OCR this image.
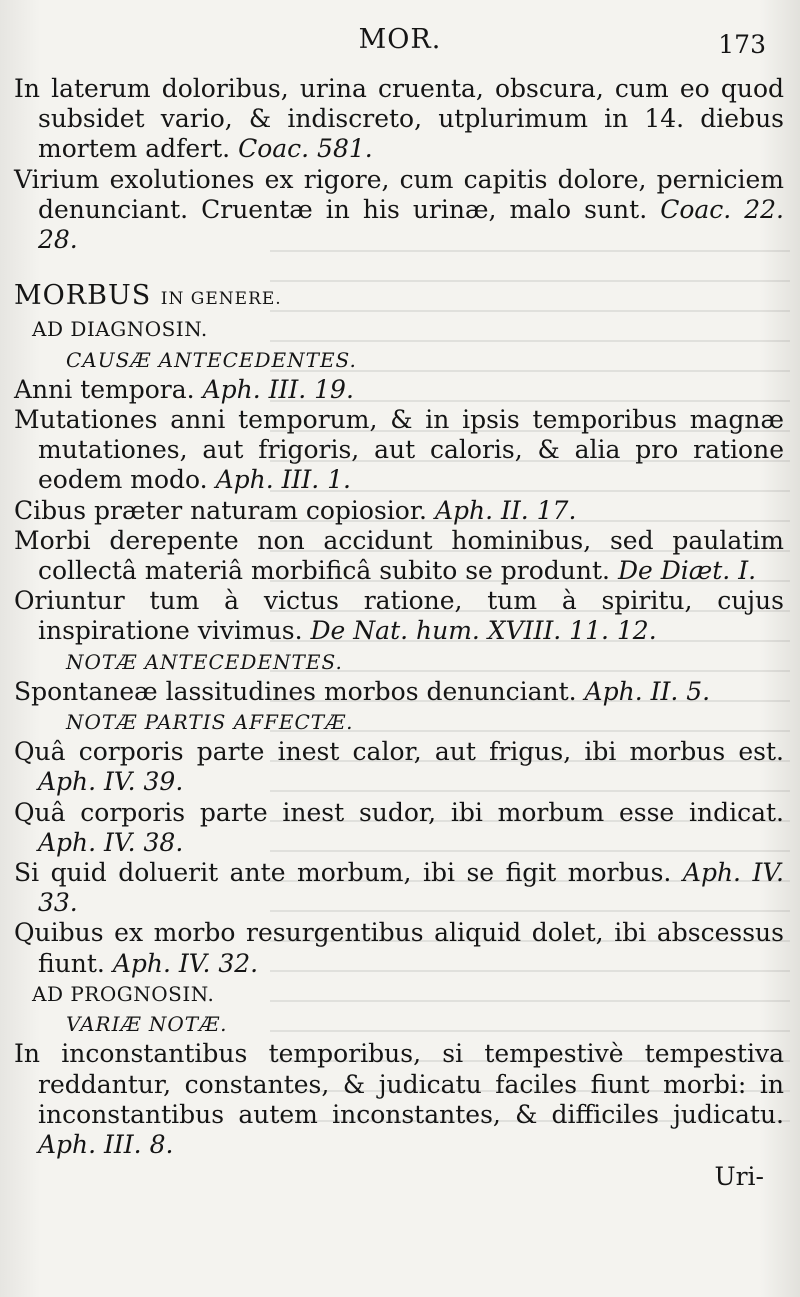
MOR.	173
In laterum doloribus, urina cruenta, obscura, cum eo quod subsidet vario, & indiscreto, utplurimum in 14. diebus mortem adfert. Coac. 581.
Virium exolutiones ex rigore, cum capitis dolore, perniciem denunciant. Cruentæ in his urinæ, malo sunt. Coac. 22. 28.
MORBUS IN GENERE.
AD DIAGNOSIN.
CAUSÆ ANTECEDENTES.
Anni tempora. Aph. III. 19.
Mutationes anni temporum, & in ipsis temporibus magnæ mutationes, aut frigoris, aut caloris, & alia pro ratione eodem modo. Aph. III. 1.
Cibus præter naturam copiosior. Aph. II. 17.
Morbi derepente non accidunt hominibus, sed paulatim collectâ materiâ morbificâ subito se produnt. De Diæt. I.
Oriuntur tum à victus ratione, tum à spiritu, cujus inspiratione vivimus. De Nat. hum. XVIII. 11. 12.
NOTÆ ANTECEDENTES.
Spontaneæ lassitudines morbos denunciant. Aph. II. 5.
NOTÆ PARTIS AFFECTÆ.
Quâ corporis parte inest calor, aut frigus, ibi morbus est. Aph. IV. 39.
Quâ corporis parte inest sudor, ibi morbum esse indicat. Aph. IV. 38.
Si quid doluerit ante morbum, ibi se figit morbus. Aph. IV. 33.
Quibus ex morbo resurgentibus aliquid dolet, ibi abscessus fiunt. Aph. IV. 32.
AD PROGNOSIN.
VARIÆ NOTÆ.
In inconstantibus temporibus, si tempestivè tempestiva reddantur, constantes, & judicatu faciles fiunt morbi: in inconstantibus autem inconstantes, & difficiles judicatu. Aph. III. 8.
Uri-
